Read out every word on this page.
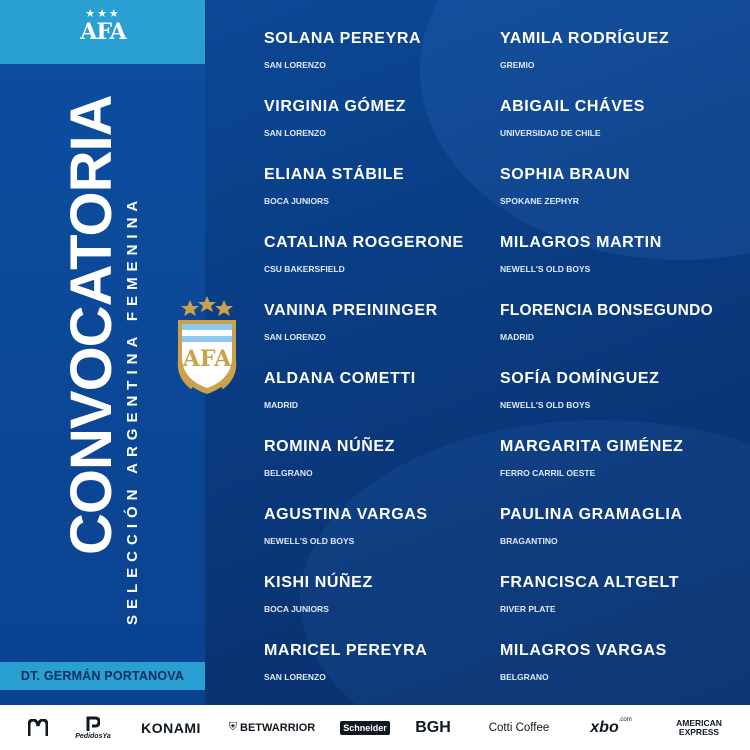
★★★
AFA
CONVOCATORIA SELECCIÓN ARGENTINA FEMENINA
DT. GERMÁN PORTANOVA
AFA
SOLANA PEREYRA
SAN LORENZO
VIRGINIA GÓMEZ
SAN LORENZO
ELIANA STÁBILE
BOCA JUNIORS
CATALINA ROGGERONE
CSU BAKERSFIELD
VANINA PREININGER
SAN LORENZO
ALDANA COMETTI
MADRID
ROMINA NÚÑEZ
BELGRANO
AGUSTINA VARGAS
NEWELL'S OLD BOYS
KISHI NÚÑEZ
BOCA JUNIORS
MARICEL PEREYRA
SAN LORENZO
YAMILA RODRÍGUEZ
GREMIO
ABIGAIL CHÁVES
UNIVERSIDAD DE CHILE
SOPHIA BRAUN
SPOKANE ZEPHYR
MILAGROS MARTIN
NEWELL'S OLD BOYS
FLORENCIA BONSEGUNDO
MADRID
SOFÍA DOMÍNGUEZ
NEWELL'S OLD BOYS
MARGARITA GIMÉNEZ
FERRO CARRIL OESTE
PAULINA GRAMAGLIA
BRAGANTINO
FRANCISCA ALTGELT
RIVER PLATE
MILAGROS VARGAS
BELGRANO
PedidosYa
KONAMI	⛨ BETWARRIOR	Schneider BGH	Cotti Coffee	xbo .com	AMERICAN
EXPRESS
